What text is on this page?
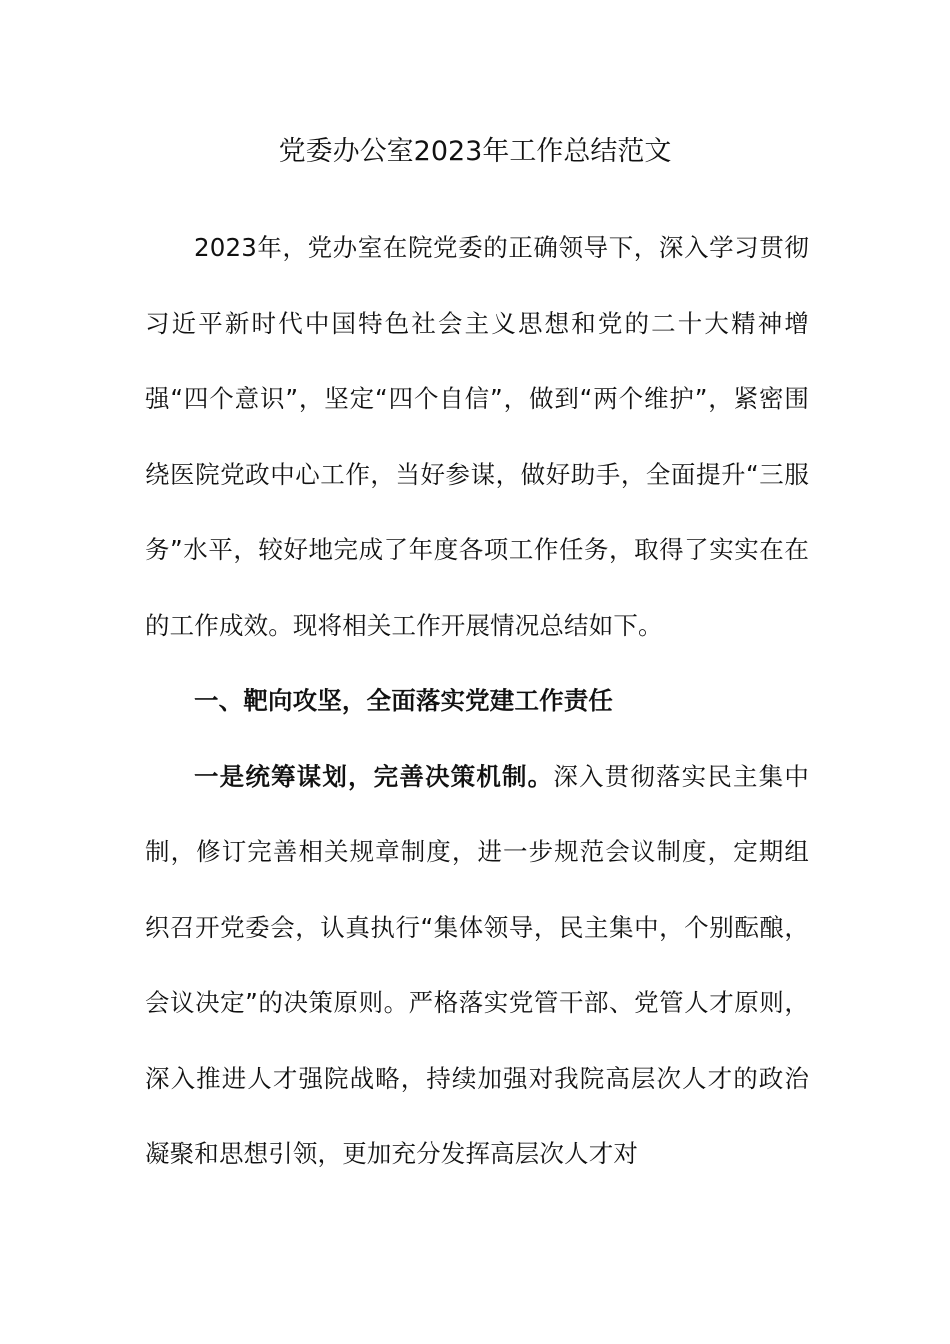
党委办公室2023年工作总结范文

2023年，党办室在院党委的正确领导下，深入学习贯彻习近平新时代中国特色社会主义思想和党的二十大精神增强“四个意识”，坚定“四个自信”，做到“两个维护”，紧密围绕医院党政中心工作，当好参谋，做好助手，全面提升“三服务”水平，较好地完成了年度各项工作任务，取得了实实在在的工作成效。现将相关工作开展情况总结如下。

一、靶向攻坚，全面落实党建工作责任

一是统筹谋划，完善决策机制。深入贯彻落实民主集中制，修订完善相关规章制度，进一步规范会议制度，定期组织召开党委会，认真执行“集体领导，民主集中，个别酝酿，会议决定”的决策原则。严格落实党管干部、党管人才原则，深入推进人才强院战略，持续加强对我院高层次人才的政治凝聚和思想引领，更加充分发挥高层次人才对
